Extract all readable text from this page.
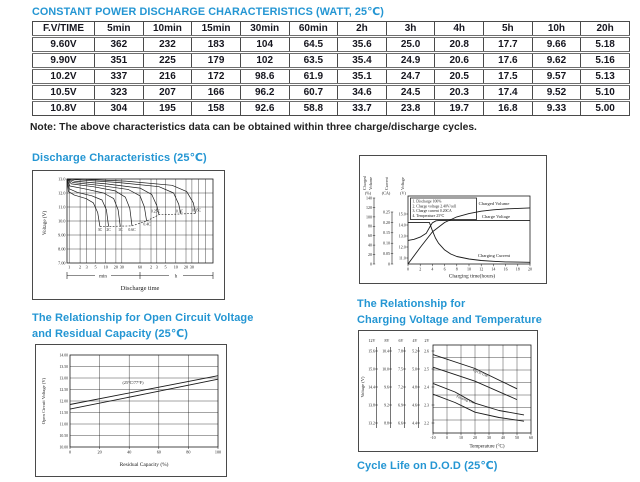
CONSTANT POWER DISCHARGE CHARACTERISTICS (WATT, 25℃)
F.V/TIME	5min	10min	15min	30min	60min	2h	3h	4h	5h	10h	20h
9.60V	362	232	183	104	64.5	35.6	25.0	20.8	17.7	9.66	5.18
9.90V	351	225	179	102	63.5	35.4	24.9	20.6	17.6	9.62	5.16
10.2V	337	216	172	98.6	61.9	35.1	24.7	20.5	17.5	9.57	5.13
10.5V	323	207	166	96.2	60.7	34.6	24.5	20.3	17.4	9.52	5.10
10.8V	304	195	158	92.6	58.8	33.7	23.8	19.7	16.8	9.33	5.00
Note: The above characteristics data can be obtained within three charge/discharge cycles.
Discharge Characteristics (25℃)
1 2 3 5 10 20 30	60 2 3 5 10 20 30
13.0
12.0
11.0
10.0
9.00
8.00
7.00
Voltage (V)
min	h
Discharge time
3C 2C 1C 0.6C
0.4C
0.25C	0.1C 0.05C
140
120
100
80
60
40
20
0
0.25
0.20
0.15
0.10
0.05
0
15.0
14.0
13.0
12.0
11.0
0	2	4	6	8 10 12 14 16 18 20
Charged Volume	Current	Voltage
(%)	(CA) (V)
1. Discharge 100%
2. Charge voltage 2.40V/cell
3. Charge current 0.20CA
4. Temperature 25℃
Charged Volume
Charge Voltage
Charging Current
Charging time(hours)
The Relationship for Open Circuit Voltage
and Residual Capacity (25℃)
14.00
13.50
13.00
12.50
12.00
11.50
11.00
10.50
10.00
0	20	40	60	80	100
Open Circuit Voltage (V)
Residual Capacity (%)
(25℃/77°F)
The Relationship for
Charging Voltage and Temperature
12V 8V 6V 4V 2V
15.6
15.0
14.4
13.8
13.2
10.4
10.0
9.6
9.2
8.8
7.8
7.5
7.2
6.9
6.6
5.2
5.0
4.8
4.6
4.4
2.6
2.5
2.4
2.3
2.2
-10	0	10	20	30	40	50	60
Voltage (V)
Temperature (°C)
Cycle Use
Floating Use
Cycle Life on D.O.D (25℃)
